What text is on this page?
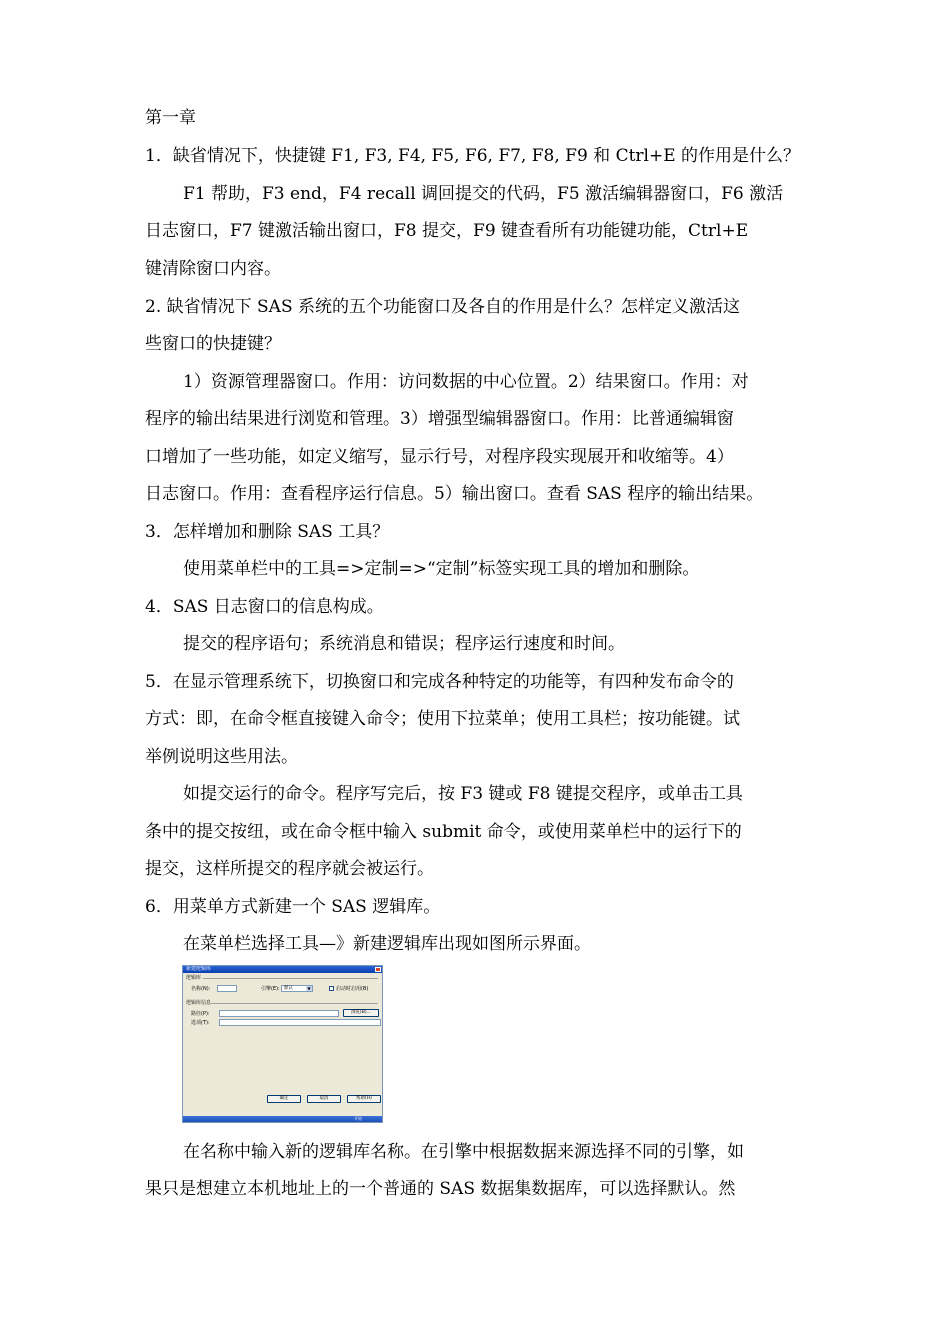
第一章
1．缺省情况下，快捷键 F1, F3, F4, F5, F6, F7, F8, F9 和 Ctrl+E 的作用是什么？
F1 帮助，F3 end，F4 recall 调回提交的代码，F5 激活编辑器窗口，F6 激活
日志窗口，F7 键激活输出窗口，F8 提交，F9 键查看所有功能键功能，Ctrl+E
键清除窗口内容。
2. 缺省情况下 SAS 系统的五个功能窗口及各自的作用是什么？怎样定义激活这
些窗口的快捷键？
1）资源管理器窗口。作用：访问数据的中心位置。2）结果窗口。作用：对
程序的输出结果进行浏览和管理。3）增强型编辑器窗口。作用：比普通编辑窗
口增加了一些功能，如定义缩写，显示行号，对程序段实现展开和收缩等。4）
日志窗口。作用：查看程序运行信息。5）输出窗口。查看 SAS 程序的输出结果。
3．怎样增加和删除 SAS 工具？
使用菜单栏中的工具=>定制=>“定制”标签实现工具的增加和删除。
4．SAS 日志窗口的信息构成。
提交的程序语句；系统消息和错误；程序运行速度和时间。
5．在显示管理系统下，切换窗口和完成各种特定的功能等，有四种发布命令的
方式：即，在命令框直接键入命令；使用下拉菜单；使用工具栏；按功能键。试
举例说明这些用法。
如提交运行的命令。程序写完后，按 F3 键或 F8 键提交程序，或单击工具
条中的提交按纽，或在命令框中输入 submit 命令，或使用菜单栏中的运行下的
提交，这样所提交的程序就会被运行。
6．用菜单方式新建一个 SAS 逻辑库。
在菜单栏选择工具—》新建逻辑库出现如图所示界面。
新建逻辑库
逻辑库
名称(N):	引擎(E): 默认	▼	启动时启用(B)
逻辑库信息
路径(P):	浏览(B)...
选项(T):
确定	取消	帮助(H)
开始
在名称中输入新的逻辑库名称。在引擎中根据数据来源选择不同的引擎，如
果只是想建立本机地址上的一个普通的 SAS 数据集数据库，可以选择默认。然
